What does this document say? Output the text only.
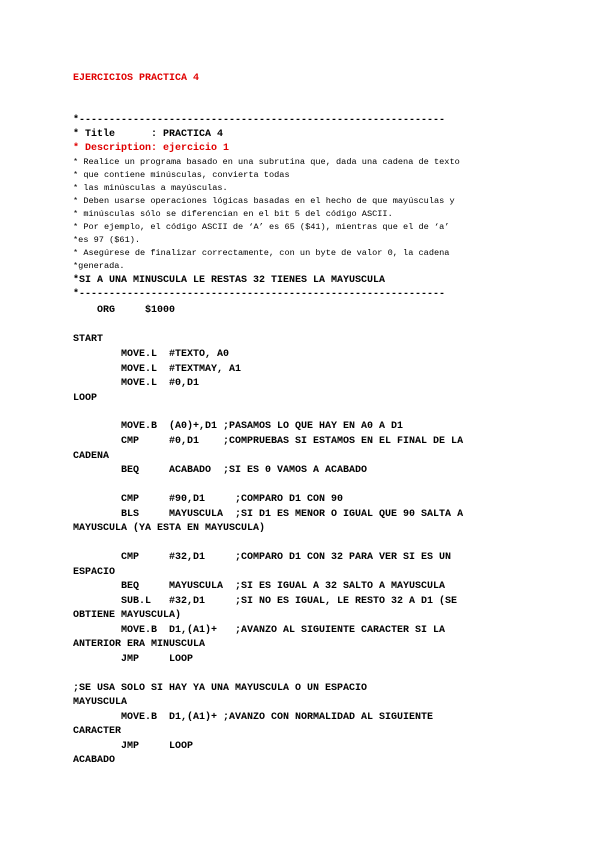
EJERCICIOS PRACTICA 4
*-------------------------------------------------------------
* Title      : PRACTICA 4
* Description: ejercicio 1
* Realice un programa basado en una subrutina que, dada una cadena de texto
* que contiene minúsculas, convierta todas
* las minúsculas a mayúsculas.
* Deben usarse operaciones lógicas basadas en el hecho de que mayúsculas y
* minúsculas sólo se diferencian en el bit 5 del código ASCII.
* Por ejemplo, el código ASCII de ‘A’ es 65 ($41), mientras que el de ‘a’
*es 97 ($61).
* Asegúrese de finalizar correctamente, con un byte de valor 0, la cadena
*generada.
*SI A UNA MINUSCULA LE RESTAS 32 TIENES LA MAYUSCULA
*-------------------------------------------------------------
ORG     $1000
START
MOVE.L  #TEXTO, A0
MOVE.L  #TEXTMAY, A1
MOVE.L  #0,D1
LOOP
MOVE.B  (A0)+,D1 ;PASAMOS LO QUE HAY EN A0 A D1
CMP     #0,D1    ;COMPRUEBAS SI ESTAMOS EN EL FINAL DE LA
CADENA
BEQ     ACABADO  ;SI ES 0 VAMOS A ACABADO
CMP     #90,D1     ;COMPARO D1 CON 90
BLS     MAYUSCULA  ;SI D1 ES MENOR O IGUAL QUE 90 SALTA A
MAYUSCULA (YA ESTA EN MAYUSCULA)
CMP     #32,D1     ;COMPARO D1 CON 32 PARA VER SI ES UN
ESPACIO
BEQ     MAYUSCULA  ;SI ES IGUAL A 32 SALTO A MAYUSCULA
SUB.L   #32,D1     ;SI NO ES IGUAL, LE RESTO 32 A D1 (SE
OBTIENE MAYUSCULA)
MOVE.B  D1,(A1)+   ;AVANZO AL SIGUIENTE CARACTER SI LA
ANTERIOR ERA MINUSCULA
JMP     LOOP
;SE USA SOLO SI HAY YA UNA MAYUSCULA O UN ESPACIO
MAYUSCULA
MOVE.B  D1,(A1)+ ;AVANZO CON NORMALIDAD AL SIGUIENTE
CARACTER
JMP     LOOP
ACABADO
